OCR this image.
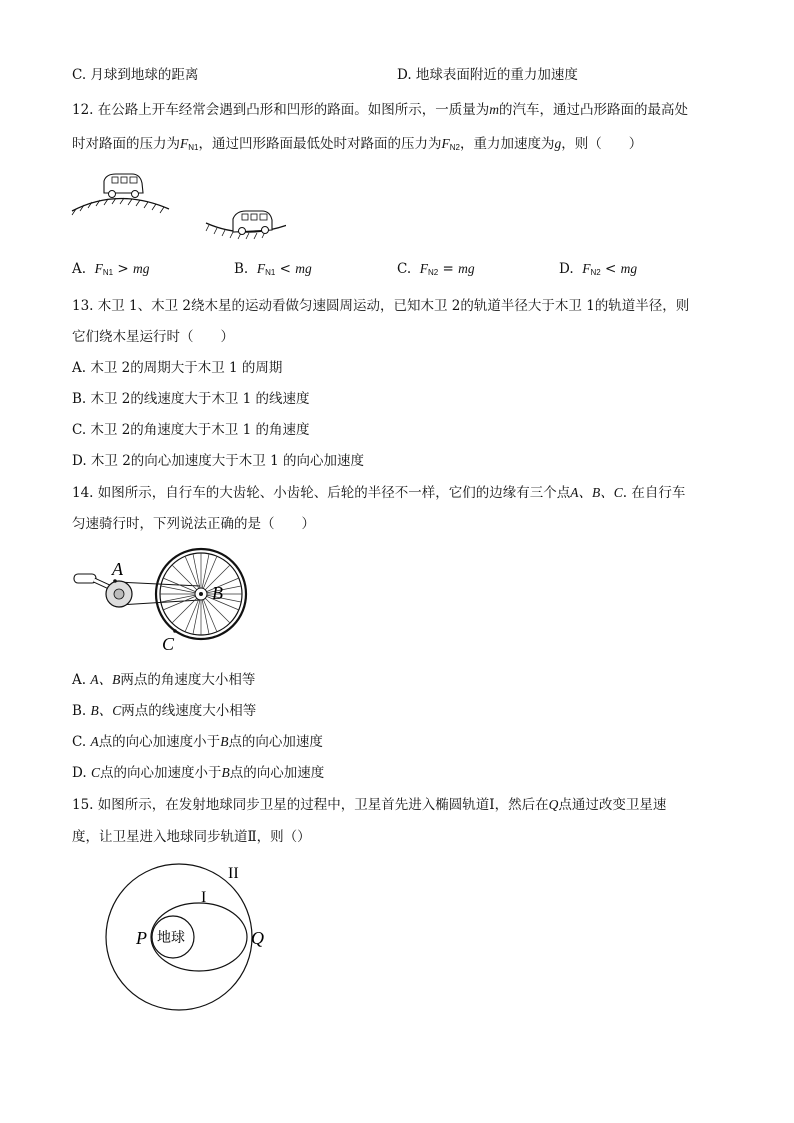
C. 月球到地球的距离	D. 地球表面附近的重力加速度
12. 在公路上开车经常会遇到凸形和凹形的路面。如图所示，一质量为m的汽车，通过凸形路面的最高处
时对路面的压力为$F_{N1}$，通过凹形路面最低处时对路面的压力为$F_{N2}$，重力加速度为g，则（　　）
A. $F_{N1}$ > mg	B. $F_{N1}$ < mg	C. $F_{N2}$ = mg	D. $F_{N2}$ < mg
13. 木卫 1、木卫 2绕木星的运动看做匀速圆周运动，已知木卫 2的轨道半径大于木卫 1的轨道半径，则
它们绕木星运行时（　　）
A. 木卫 2的周期大于木卫 1 的周期
B. 木卫 2的线速度大于木卫 1 的线速度
C. 木卫 2的角速度大于木卫 1 的角速度
D. 木卫 2的向心加速度大于木卫 1 的向心加速度
14. 如图所示，自行车的大齿轮、小齿轮、后轮的半径不一样，它们的边缘有三个点A、B、C. 在自行车
匀速骑行时，下列说法正确的是（　　）
A
B
C
A. A、B两点的角速度大小相等
B. B、C两点的线速度大小相等
C. A点的向心加速度小于B点的向心加速度
D. C点的向心加速度小于B点的向心加速度
15. 如图所示，在发射地球同步卫星的过程中，卫星首先进入椭圆轨道Ⅰ，然后在Q点通过改变卫星速
度，让卫星进入地球同步轨道Ⅱ，则（）
II
I
P	Q
地球
